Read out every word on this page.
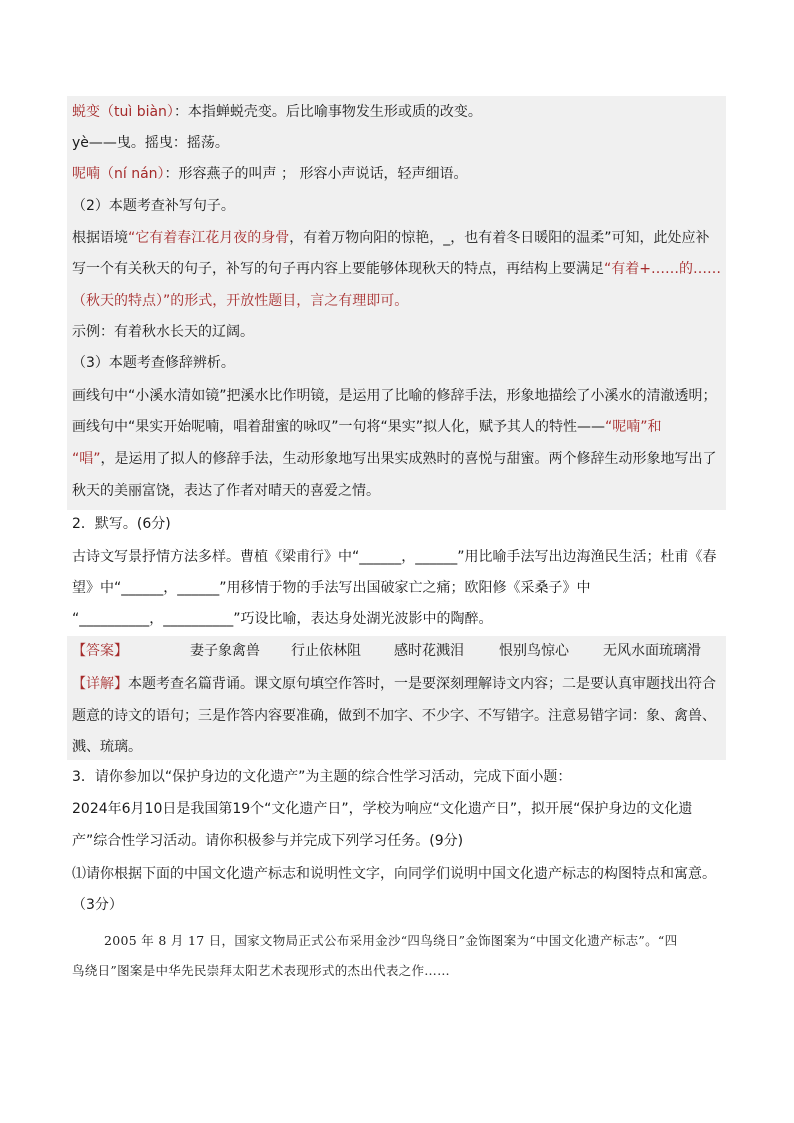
蜕变（tuì biàn）：本指蝉蜕壳变。后比喻事物发生形或质的改变。
yè——曳。摇曳：摇荡。
呢喃（ní nán）：形容燕子的叫声 ； 形容小声说话，轻声细语。
（2）本题考查补写句子。
根据语境“它有着春江花月夜的身骨，有着万物向阳的惊艳，_，也有着冬日暖阳的温柔”可知，此处应补
写一个有关秋天的句子，补写的句子再内容上要能够体现秋天的特点，再结构上要满足“有着+……的……
（秋天的特点）”的形式，开放性题目，言之有理即可。
示例：有着秋水长天的辽阔。
（3）本题考查修辞辨析。
画线句中“小溪水清如镜”把溪水比作明镜，是运用了比喻的修辞手法，形象地描绘了小溪水的清澈透明；
画线句中“果实开始呢喃，唱着甜蜜的咏叹”一句将“果实”拟人化，赋予其人的特性——“呢喃”和
“唱”，是运用了拟人的修辞手法，生动形象地写出果实成熟时的喜悦与甜蜜。两个修辞生动形象地写出了
秋天的美丽富饶，表达了作者对晴天的喜爱之情。
2．默写。(6分)
古诗文写景抒情方法多样。曹植《梁甫行》中“______，______”用比喻手法写出边海渔民生活；杜甫《春
望》中“______，______”用移情于物的手法写出国破家亡之痛；欧阳修《采桑子》中
“__________，__________”巧设比喻，表达身处湖光波影中的陶醉。
【答案】	妻子象禽兽 行止依林阻 感时花溅泪	恨别鸟惊心 无风水面琉璃滑
【详解】本题考查名篇背诵。课文原句填空作答时，一是要深刻理解诗文内容；二是要认真审题找出符合
题意的诗文的语句；三是作答内容要准确，做到不加字、不少字、不写错字。注意易错字词：象、禽兽、
溅、琉璃。
3．请你参加以“保护身边的文化遗产”为主题的综合性学习活动，完成下面小题：
2024年6月10日是我国第19个“文化遗产日”，学校为响应“文化遗产日”，拟开展“保护身边的文化遗
产”综合性学习活动。请你积极参与并完成下列学习任务。(9分)
⑴请你根据下面的中国文化遗产标志和说明性文字，向同学们说明中国文化遗产标志的构图特点和寓意。
（3分）
2005 年 8 月 17 日，国家文物局正式公布采用金沙“四鸟绕日”金饰图案为“中国文化遗产标志”。“四
鸟绕日”图案是中华先民崇拜太阳艺术表现形式的杰出代表之作……
